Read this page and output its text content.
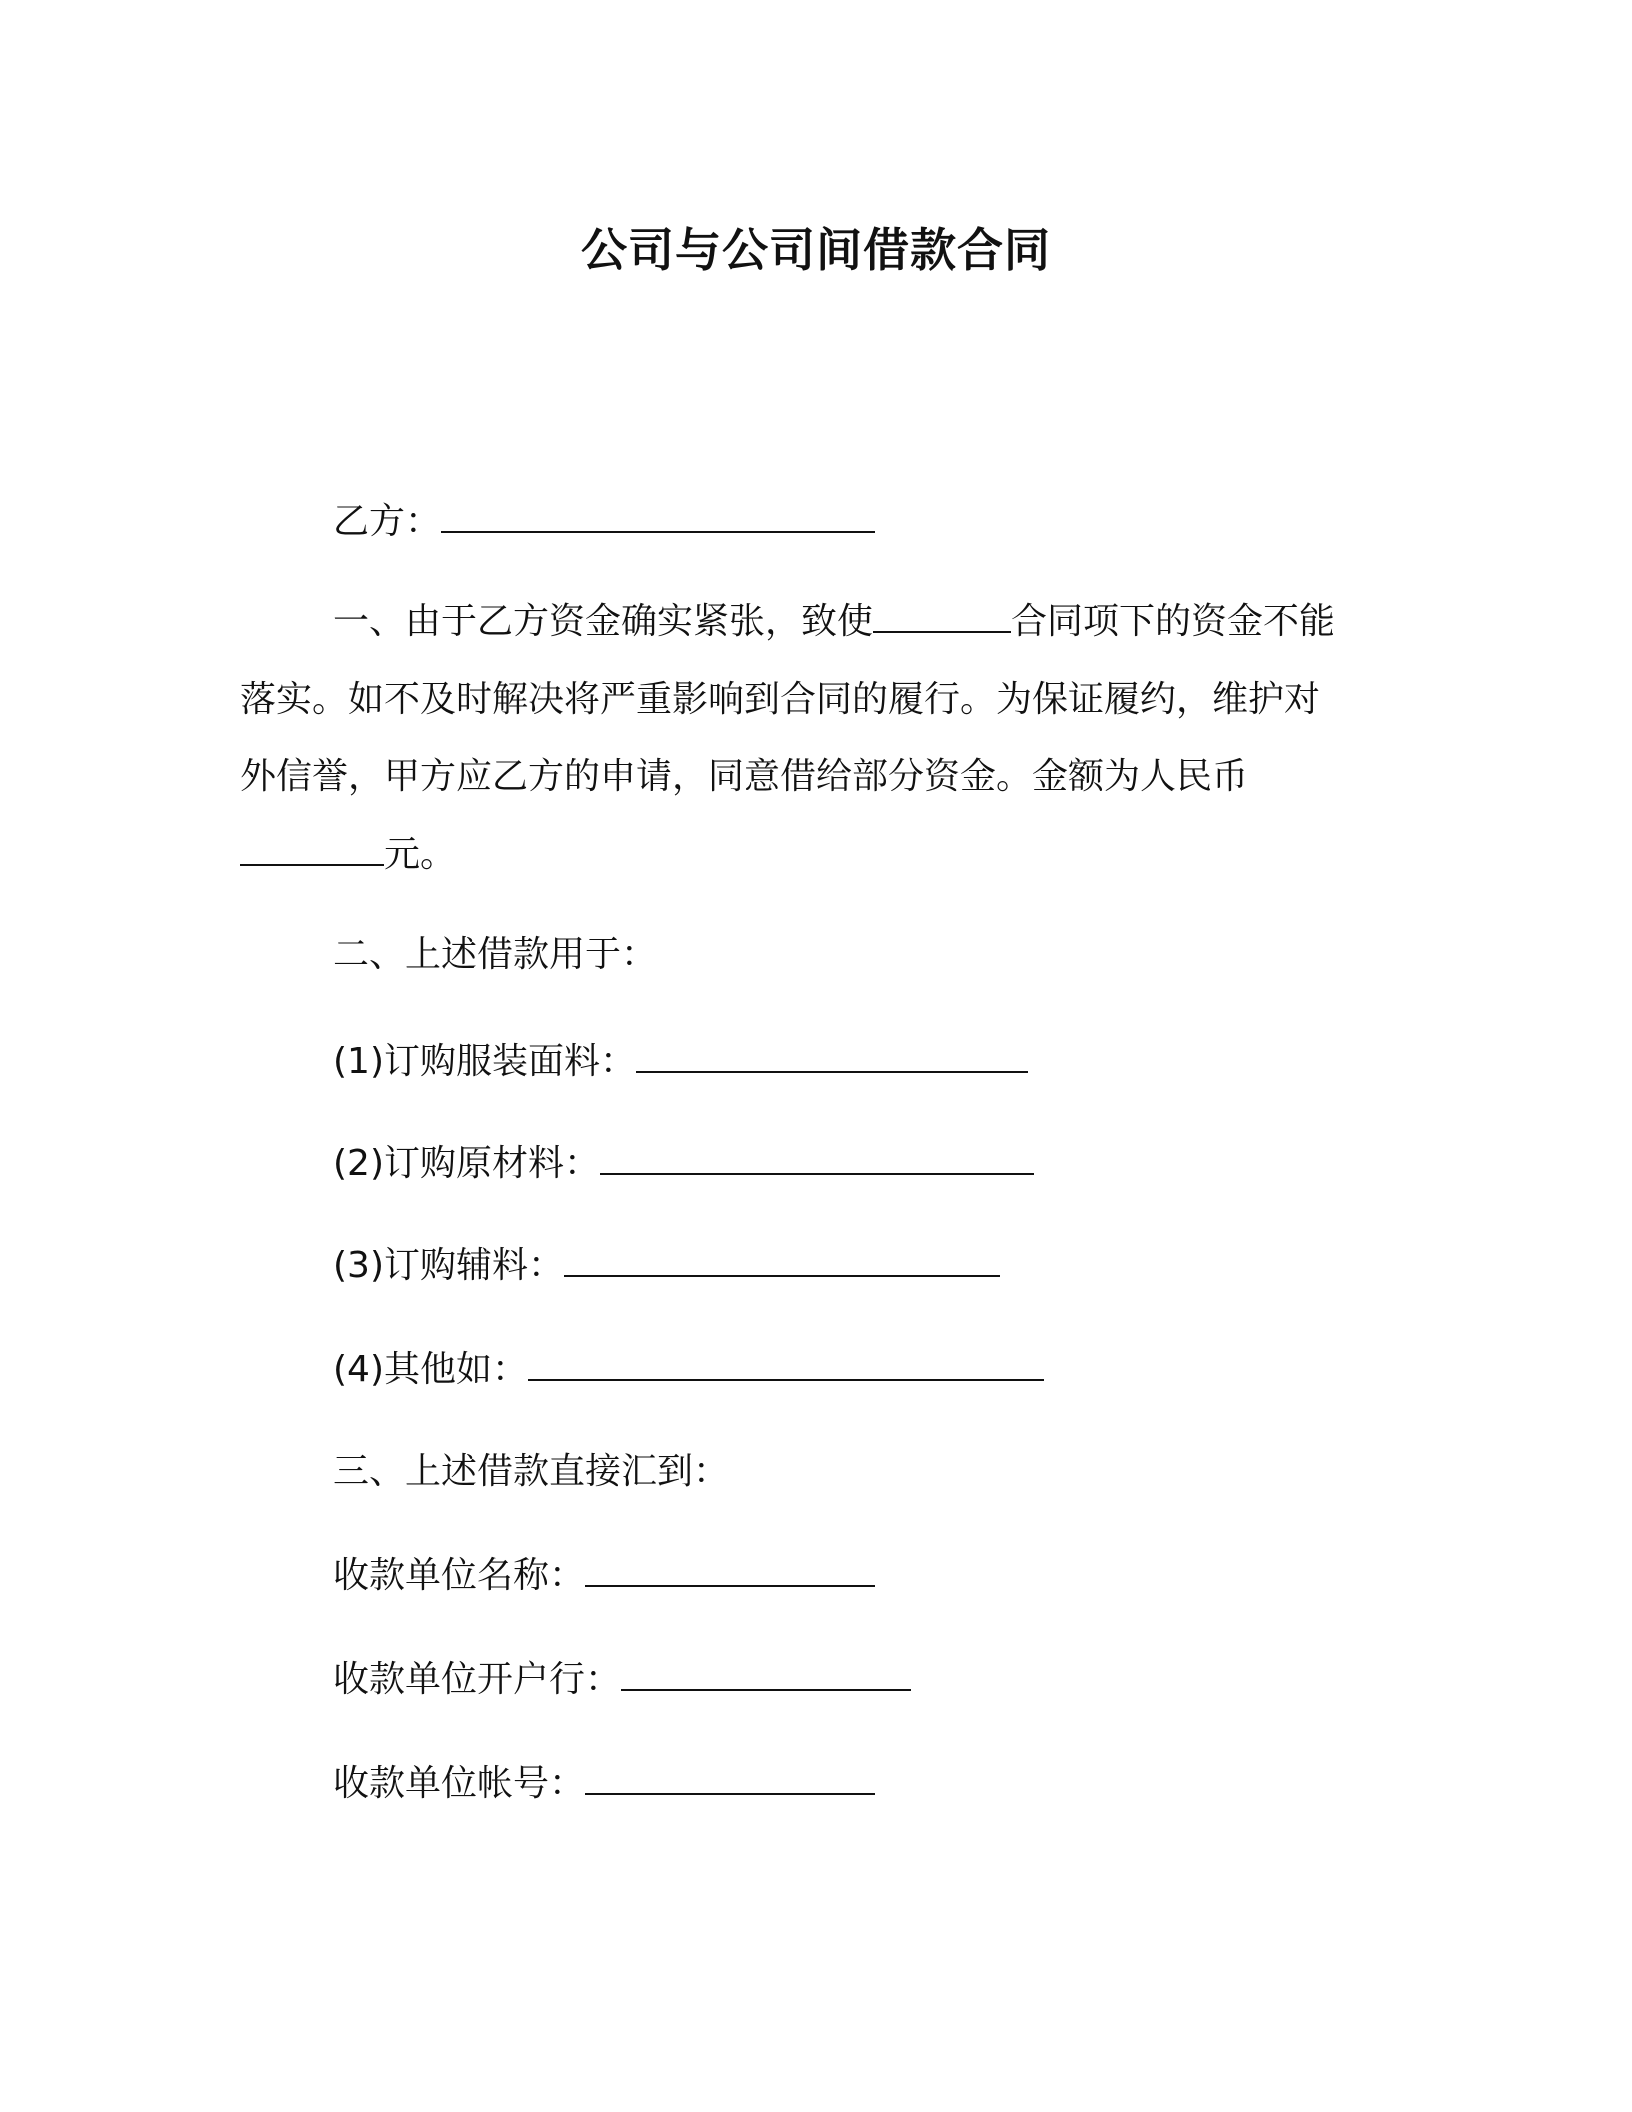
公司与公司间借款合同
乙方：
一、由于乙方资金确实紧张，致使	合同项下的资金不能
落实。如不及时解决将严重影响到合同的履行。为保证履约，维护对
外信誉，甲方应乙方的申请，同意借给部分资金。金额为人民币
元。
二、上述借款用于：
(1)订购服装面料：
(2)订购原材料：
(3)订购辅料：
(4)其他如：
三、上述借款直接汇到：
收款单位名称：
收款单位开户行：
收款单位帐号：
